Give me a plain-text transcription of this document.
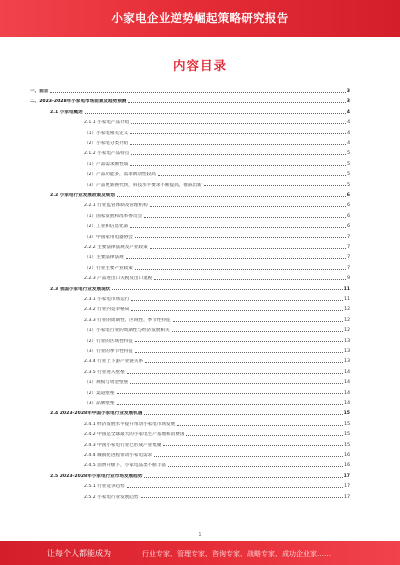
小家电企业逆势崛起策略研究报告
内容目录
一、前言	3
二、2023-2028年小家电市场前景及趋势预测	3
2.1 小家电概述	4
2.1.1 小家电产品介绍	4
（1）小家电相关定义	4
（2）小家电分类介绍	4
2.1.2 小家电产品特点	5
（1）产品需求刚性弱	5
（2）产品功能多，需求被动性较高	5
（3）产品更新换代快，科技水平要求不断提高，推陈出新	5
2.2 小家电行业发展政策及规划	6
2.2.1 行业监管体制及管理机构	6
（1）国家发展和改革委员会	6
（2）工业和信息化部	6
（3）中国家用电器协会	7
2.2.2 主要法律法规及产业政策	7
（1）主要法律法规	7
（2）行业主要产业政策	7
2.2.3 产品进出口关税及出口退税	9
2.3 我国小家电行业发展现状	11
2.3.1 小家电市场运行	11
2.3.2 行业内竞争格局	12
2.3.3 行业的周期性、区域性、季节性特征	12
（1）小家电行业的周期性与经济发展相关	12
（2）行业的区域性特征	13
（3）行业的季节性特征	13
2.3.4 行业上下游产业链关系	13
2.3.5 行业进入壁垒	14
（1）规模与资金壁垒	14
（2）渠道壁垒	14
（3）品牌壁垒	14
2.4 2023-2028年中国小家电行业发展机遇	15
2.4.1 经济发展水平提升带动小家电市场发展	15
2.4.2 中国是全球最大的小家电生产基地和消费国	15
2.4.3 中国小家电行业已形成产业集聚	15
2.4.4 城镇化进程带动小家电需求	16
2.4.5 消费升级下，小家电品类不断丰富	16
2.5 2023-2028年小家电行业市场发展趋势	17
2.5.1 行业竞争趋势	17
2.5.2 小家电行业发展趋势	17
1
让每个人都能成为	行业专家、管理专家、咨询专家、战略专家、成功企业家……
